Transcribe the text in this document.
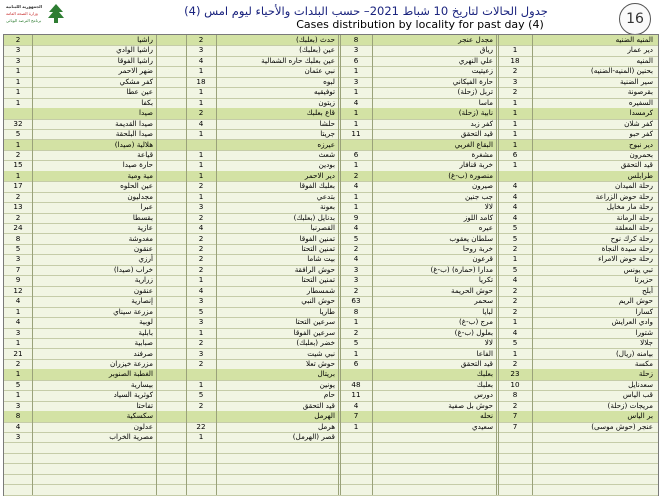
الجمهورية اللبنانية
وزارة الصحة العامة
برنامج الترصد الوبائي
جدول الحالات لتاريخ 10 شباط 2021– حسب البلدات والأحياء ليوم امس (4)
Cases distribution by locality for past day (4)	16
المنيه الضنيه
دير عمار
1
المنيه
18
بحنين (المنيه-الضنيه)
2
سير الضنية
3
بقرصونة
2
السفيره
1
كرمسدا
1
كفر شلان
1
كفر حبو
1
دير نبوح
1
بحمرون
6
قيد التحقق
1
طرابلس
رحلة الميدان
4
رحلة حوض الزراعة
4
رحلة مار مخايل
4
رحلة الرمانة
4
رحلة المعلقة
5
رحلة كرك نوح
5
رحلة سيدة النجاة
2
رحلة حوض الامراء
1
تبي يونس
5
حزيرتا
4
أبلح
2
حوش الريم
2
كسارا
2
وادي العرايش
1
شتورا
4
جلالا
5
بيامنه (ريال)
1
مكسة
2
زحلة
23
سعدنايل
10
قب الياس
8
مريجات (زحلة)
2
بر الياس
7
عنجر (حوش موسى)
7
مجدل عنجر
8
رياق
3
علي النهري
6
زعيتيت
1
حارة الفيكاني
3
تربل (زحلة)
1
ماسا
4
نابية (زحلة)
1
كفر زبد
1
قيد التحقق
11
البقاع الغربي
مشغرة
6
خربة قنافار
1
منصورة (ب-غ)
2
صيرون
4
جب جنين
1
لالا
1
كامد اللوز
9
عيره
4
سلطان يعقوب
5
خربة روحا
2
قرعون
4
مدارا (حمارة) (ب-غ)
3
تكريا
3
حوش الحريمة
2
سحمر
63
لبايا
8
مرج (ب-غ)
1
بعلول (ب-غ)
2
لالا
5
الفاعا
1
قيد التحقق
6
بعلبك
بعلبك
48
دورس
11
حوش بل صفية
4
نحله
7
سعيدي
1
حدث (بعلبك)
2
عين (بعلبك)
3
عين بعلبك حاره الشمالية
4
نبي عثمان
1
لبوه
18
توفيقيه
1
زيتون
1
قاع بعلبك
2
حلشا
4
جريتا
1
عيرزه
شعث
1
بودين
1
دير الاحمر
1
بعلبك الفوقا
2
بتدعي
1
بعونة
3
بدنايل (بعلبك)
2
القصرنبا
4
تمنين الفوقا
2
تمنين التحتا
2
بيت شاما
2
حوش الرافقة
2
تمنين التحتا
1
شمسطار
4
حوش النبي
3
طاريا
5
سرعين التحتا
3
سرعين الفوقا
1
خضر (بعلبك)
2
نبي شيت
3
حوش تعلا
2
بريتال
يونين
1
حام
5
قيد التحقق
2
الهرمل
هرمل
22
قصر (الهرمل)
1
راشيا
2
راشيا الوادي
3
راشيا الفوقا
3
ضهر الاحمر
1
كفر مشكي
1
عين عطا
1
بكفا
1
صيدا
صيدا القديمة
32
صيدا البلحقة
5
هلالية (صيدا)
1
قياعة
2
حارة صيدا
15
مية ومية
1
عين الحلوه
17
مجدليون
2
عبرا
13
بقسطا
2
عازية
24
مغدوشة
8
عنقون
5
أرزي
3
خراب (صيدا)
7
زرارية
9
عنقون
12
إنصارية
4
مزرعة سيناي
1
لوبية
4
بابلية
3
صبابية
1
صرفند
21
مزرعة خيزران
2
الغطبة الصنوبر
1
بيسارية
5
كوثرية السياد
1
تفاحتا
3
سكسكية
8
عدلون
4
مصرية الخراب
3
